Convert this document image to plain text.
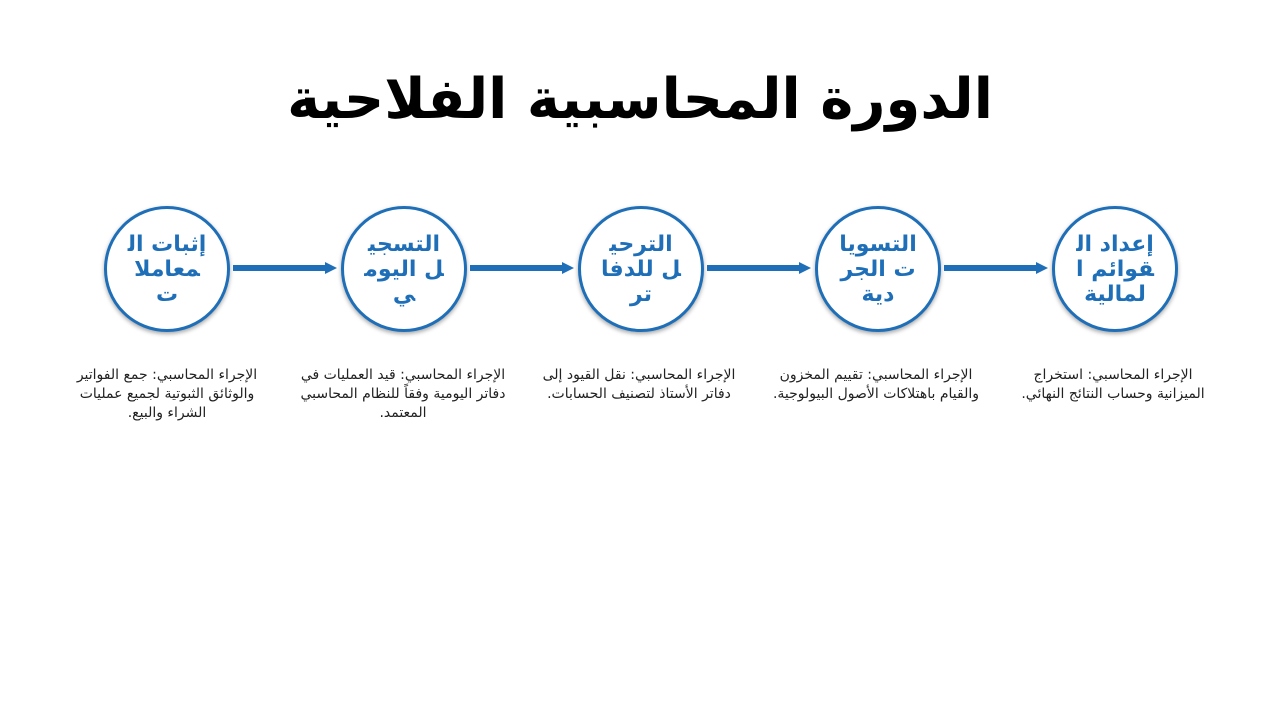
الدورة المحاسبية الفلاحية
إثبات المعاملات
التسجيل اليومي
الترحيل للدفاتر
التسويات الجردية
إعداد القوائم المالية
الإجراء المحاسبي: جمع الفواتير والوثائق الثبوتية لجميع عمليات الشراء والبيع.
الإجراء المحاسبي: قيد العمليات في دفاتر اليومية وفقاً للنظام المحاسبي المعتمد.
الإجراء المحاسبي: نقل القيود إلى دفاتر الأستاذ لتصنيف الحسابات.
الإجراء المحاسبي: تقييم المخزون والقيام باهتلاكات الأصول البيولوجية.
الإجراء المحاسبي: استخراج الميزانية وحساب النتائج النهائي.
